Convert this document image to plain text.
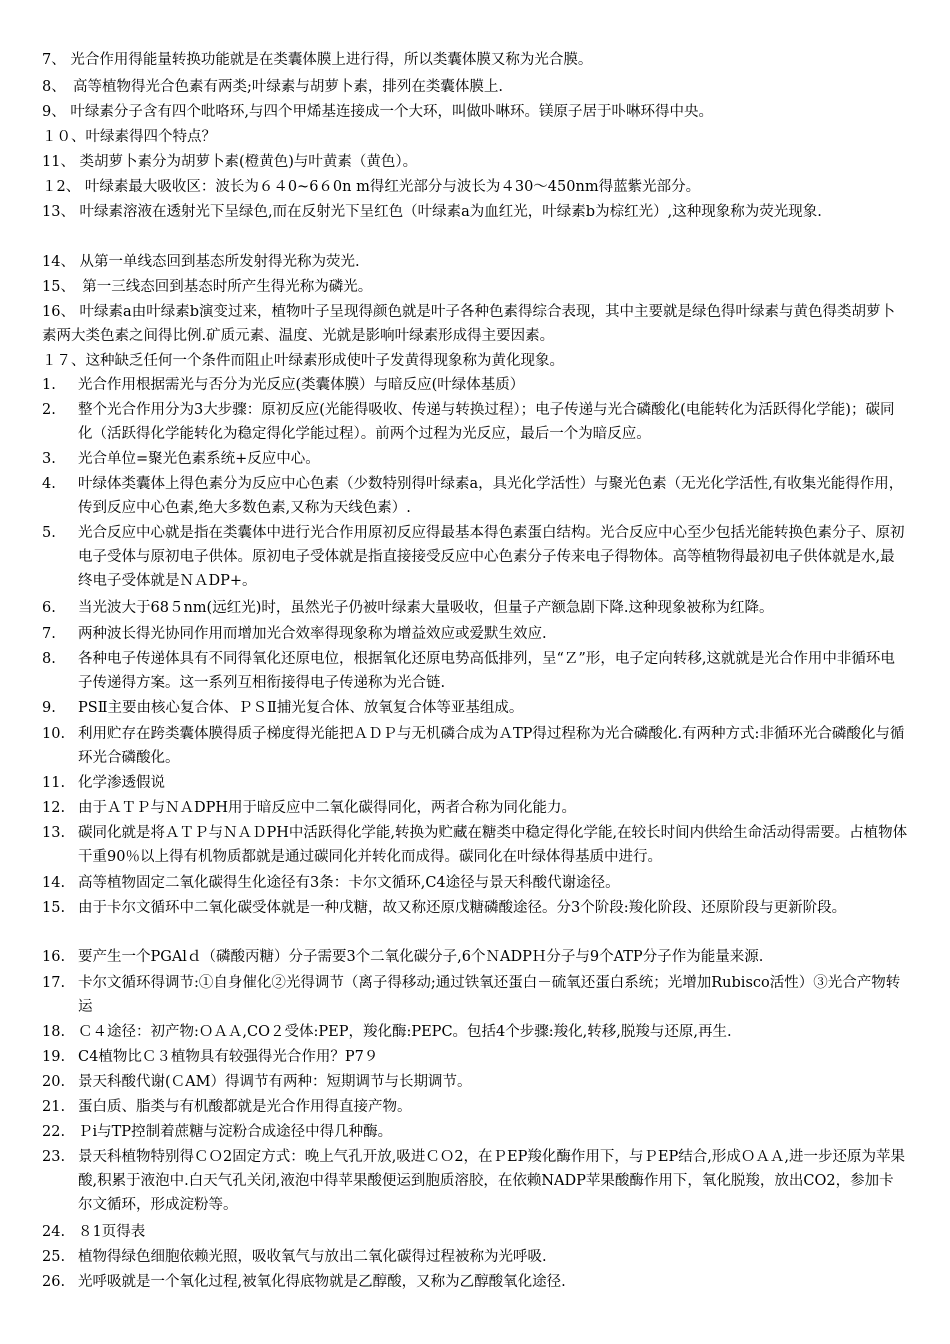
7、 光合作用得能量转换功能就是在类囊体膜上进行得，所以类囊体膜又称为光合膜。

8、　高等植物得光合色素有两类;叶绿素与胡萝卜素，排列在类囊体膜上.

9、 叶绿素分子含有四个吡咯环,与四个甲烯基连接成一个大环，叫做卟啉环。镁原子居于卟啉环得中央。

１０、叶绿素得四个特点？

11、 类胡萝卜素分为胡萝卜素(橙黄色)与叶黄素（黄色）。

１2、 叶绿素最大吸收区：波长为６４0~6６0n m得红光部分与波长为４30～450nm得蓝紫光部分。

13、 叶绿素溶液在透射光下呈绿色,而在反射光下呈红色（叶绿素a为血红光，叶绿素b为棕红光）,这种现象称为荧光现象.

14、 从第一单线态回到基态所发射得光称为荧光.

15、　第一三线态回到基态时所产生得光称为磷光。

16、 叶绿素a由叶绿素b演变过来，植物叶子呈现得颜色就是叶子各种色素得综合表现，其中主要就是绿色得叶绿素与黄色得类胡萝卜素两大类色素之间得比例.矿质元素、温度、光就是影响叶绿素形成得主要因素。

１７、这种缺乏任何一个条件而阻止叶绿素形成使叶子发黄得现象称为黄化现象。

1.	光合作用根据需光与否分为光反应(类囊体膜）与暗反应(叶绿体基质）
2.	整个光合作用分为3大步骤：原初反应(光能得吸收、传递与转换过程）；电子传递与光合磷酸化(电能转化为活跃得化学能)；碳同化（活跃得化学能转化为稳定得化学能过程）。前两个过程为光反应，最后一个为暗反应。
3.	光合单位=聚光色素系统+反应中心。
4.	叶绿体类囊体上得色素分为反应中心色素（少数特别得叶绿素a，具光化学活性）与聚光色素（无光化学活性,有收集光能得作用，传到反应中心色素,绝大多数色素,又称为天线色素）.
5.	光合反应中心就是指在类囊体中进行光合作用原初反应得最基本得色素蛋白结构。光合反应中心至少包括光能转换色素分子、原初电子受体与原初电子供体。原初电子受体就是指直接接受反应中心色素分子传来电子得物体。高等植物得最初电子供体就是水,最终电子受体就是ＮＡDP+。
6.	当光波大于68５nm(远红光)时，虽然光子仍被叶绿素大量吸收，但量子产额急剧下降.这种现象被称为红降。
7.	两种波长得光协同作用而增加光合效率得现象称为增益效应或爱默生效应.
8.	各种电子传递体具有不同得氧化还原电位，根据氧化还原电势高低排列，呈“Ｚ”形，电子定向转移,这就就是光合作用中非循环电子传递得方案。这一系列互相衔接得电子传递称为光合链.
9.	PSⅡ主要由核心复合体、ＰＳⅡ捕光复合体、放氧复合体等亚基组成。
10. 利用贮存在跨类囊体膜得质子梯度得光能把ＡＤＰ与无机磷合成为ＡTP得过程称为光合磷酸化.有两种方式:非循环光合磷酸化与循环光合磷酸化。
11. 化学渗透假说
12. 由于ＡＴＰ与ＮＡDPH用于暗反应中二氧化碳得同化，两者合称为同化能力。
13. 碳同化就是将ＡＴＰ与ＮＡＤPH中活跃得化学能,转换为贮藏在糖类中稳定得化学能,在较长时间内供给生命活动得需要。占植物体干重90％以上得有机物质都就是通过碳同化并转化而成得。碳同化在叶绿体得基质中进行。
14. 高等植物固定二氧化碳得生化途径有3条：卡尔文循环,C4途径与景天科酸代谢途径。
15. 由于卡尔文循环中二氧化碳受体就是一种戊糖，故又称还原戊糖磷酸途径。分3个阶段:羧化阶段、还原阶段与更新阶段。
16. 要产生一个PGAlｄ（磷酸丙糖）分子需要3个二氧化碳分子,6个ＮADPＨ分子与9个ATP分子作为能量来源.
17. 卡尔文循环得调节:①自身催化②光得调节（离子得移动;通过铁氧还蛋白－硫氧还蛋白系统；光增加Rubisco活性）③光合产物转运
18. Ｃ４途径：初产物:ＯＡＡ,CO２受体:PEP，羧化酶:PEPC。包括4个步骤:羧化,转移,脱羧与还原,再生.
19. C4植物比Ｃ３植物具有较强得光合作用？P7９
20. 景天科酸代谢(ＣAM）得调节有两种：短期调节与长期调节。
21. 蛋白质、脂类与有机酸都就是光合作用得直接产物。
22. Ｐi与TP控制着蔗糖与淀粉合成途径中得几种酶。
23. 景天科植物特别得ＣＯ2固定方式：晚上气孔开放,吸进ＣＯ2，在ＰEP羧化酶作用下，与ＰEP结合,形成ＯＡＡ,进一步还原为苹果酸,积累于液泡中.白天气孔关闭,液泡中得苹果酸便运到胞质溶胶，在依赖NADP苹果酸酶作用下，氧化脱羧，放出CO2，参加卡尔文循环，形成淀粉等。
24. ８1页得表
25. 植物得绿色细胞依赖光照，吸收氧气与放出二氧化碳得过程被称为光呼吸.
26. 光呼吸就是一个氧化过程,被氧化得底物就是乙醇酸，又称为乙醇酸氧化途径.
